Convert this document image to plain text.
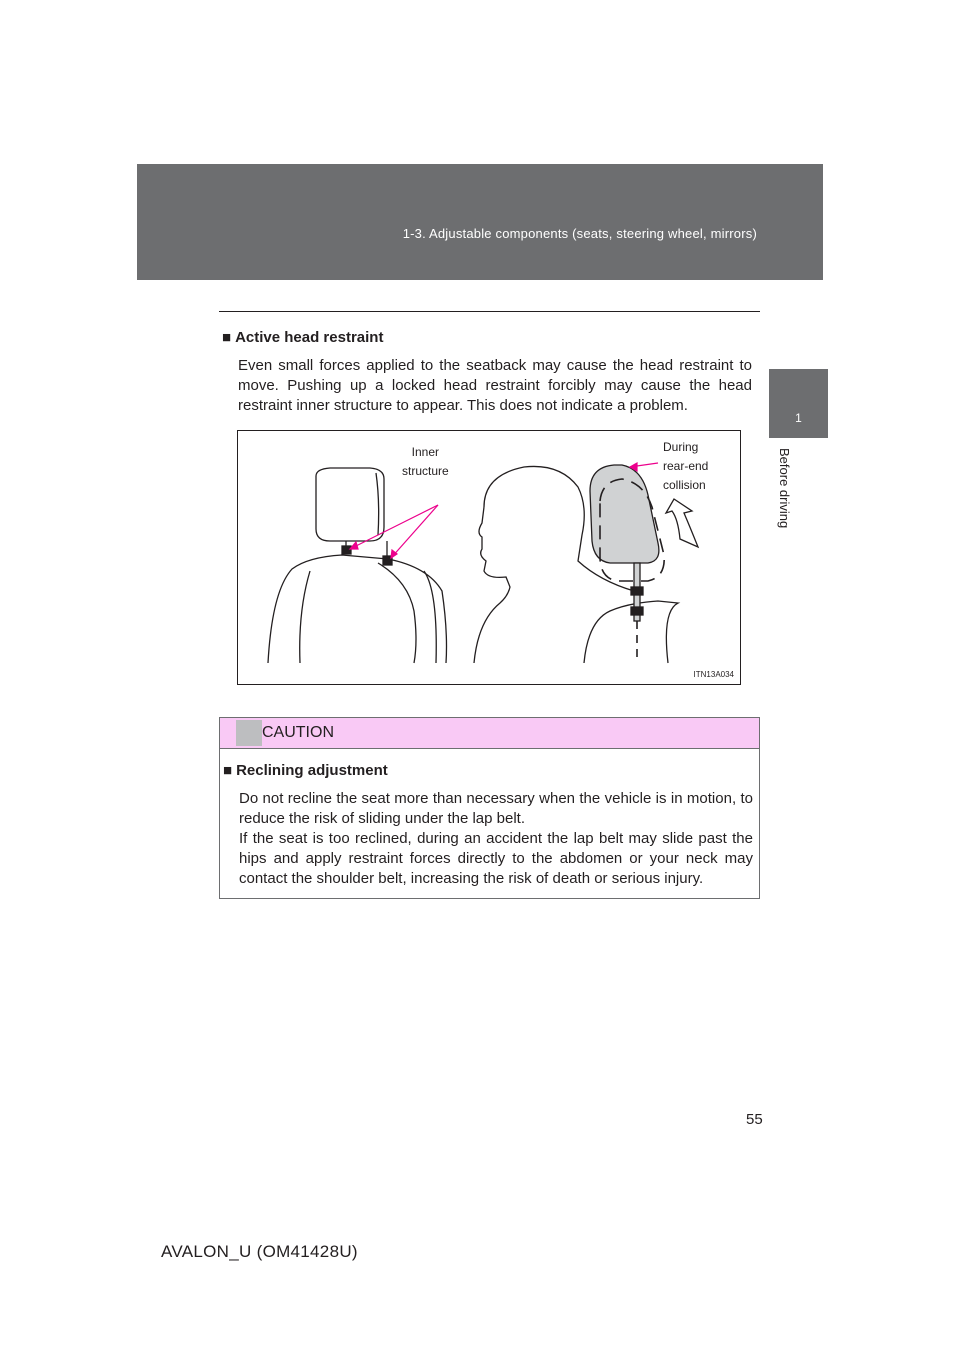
1-3. Adjustable components (seats, steering wheel, mirrors)
1
Before driving
■ Active head restraint

Even small forces applied to the seatback may cause the head restraint to move. Pushing up a locked head restraint forcibly may cause the head restraint inner structure to appear. This does not indicate a problem.

Inner
structure
During
rear-end
collision
ITN13A034
CAUTION
■ Reclining adjustment

Do not recline the seat more than necessary when the vehicle is in motion, to reduce the risk of sliding under the lap belt.

If the seat is too reclined, during an accident the lap belt may slide past the hips and apply restraint forces directly to the abdomen or your neck may contact the shoulder belt, increasing the risk of death or serious injury.

55
AVALON_U (OM41428U)
